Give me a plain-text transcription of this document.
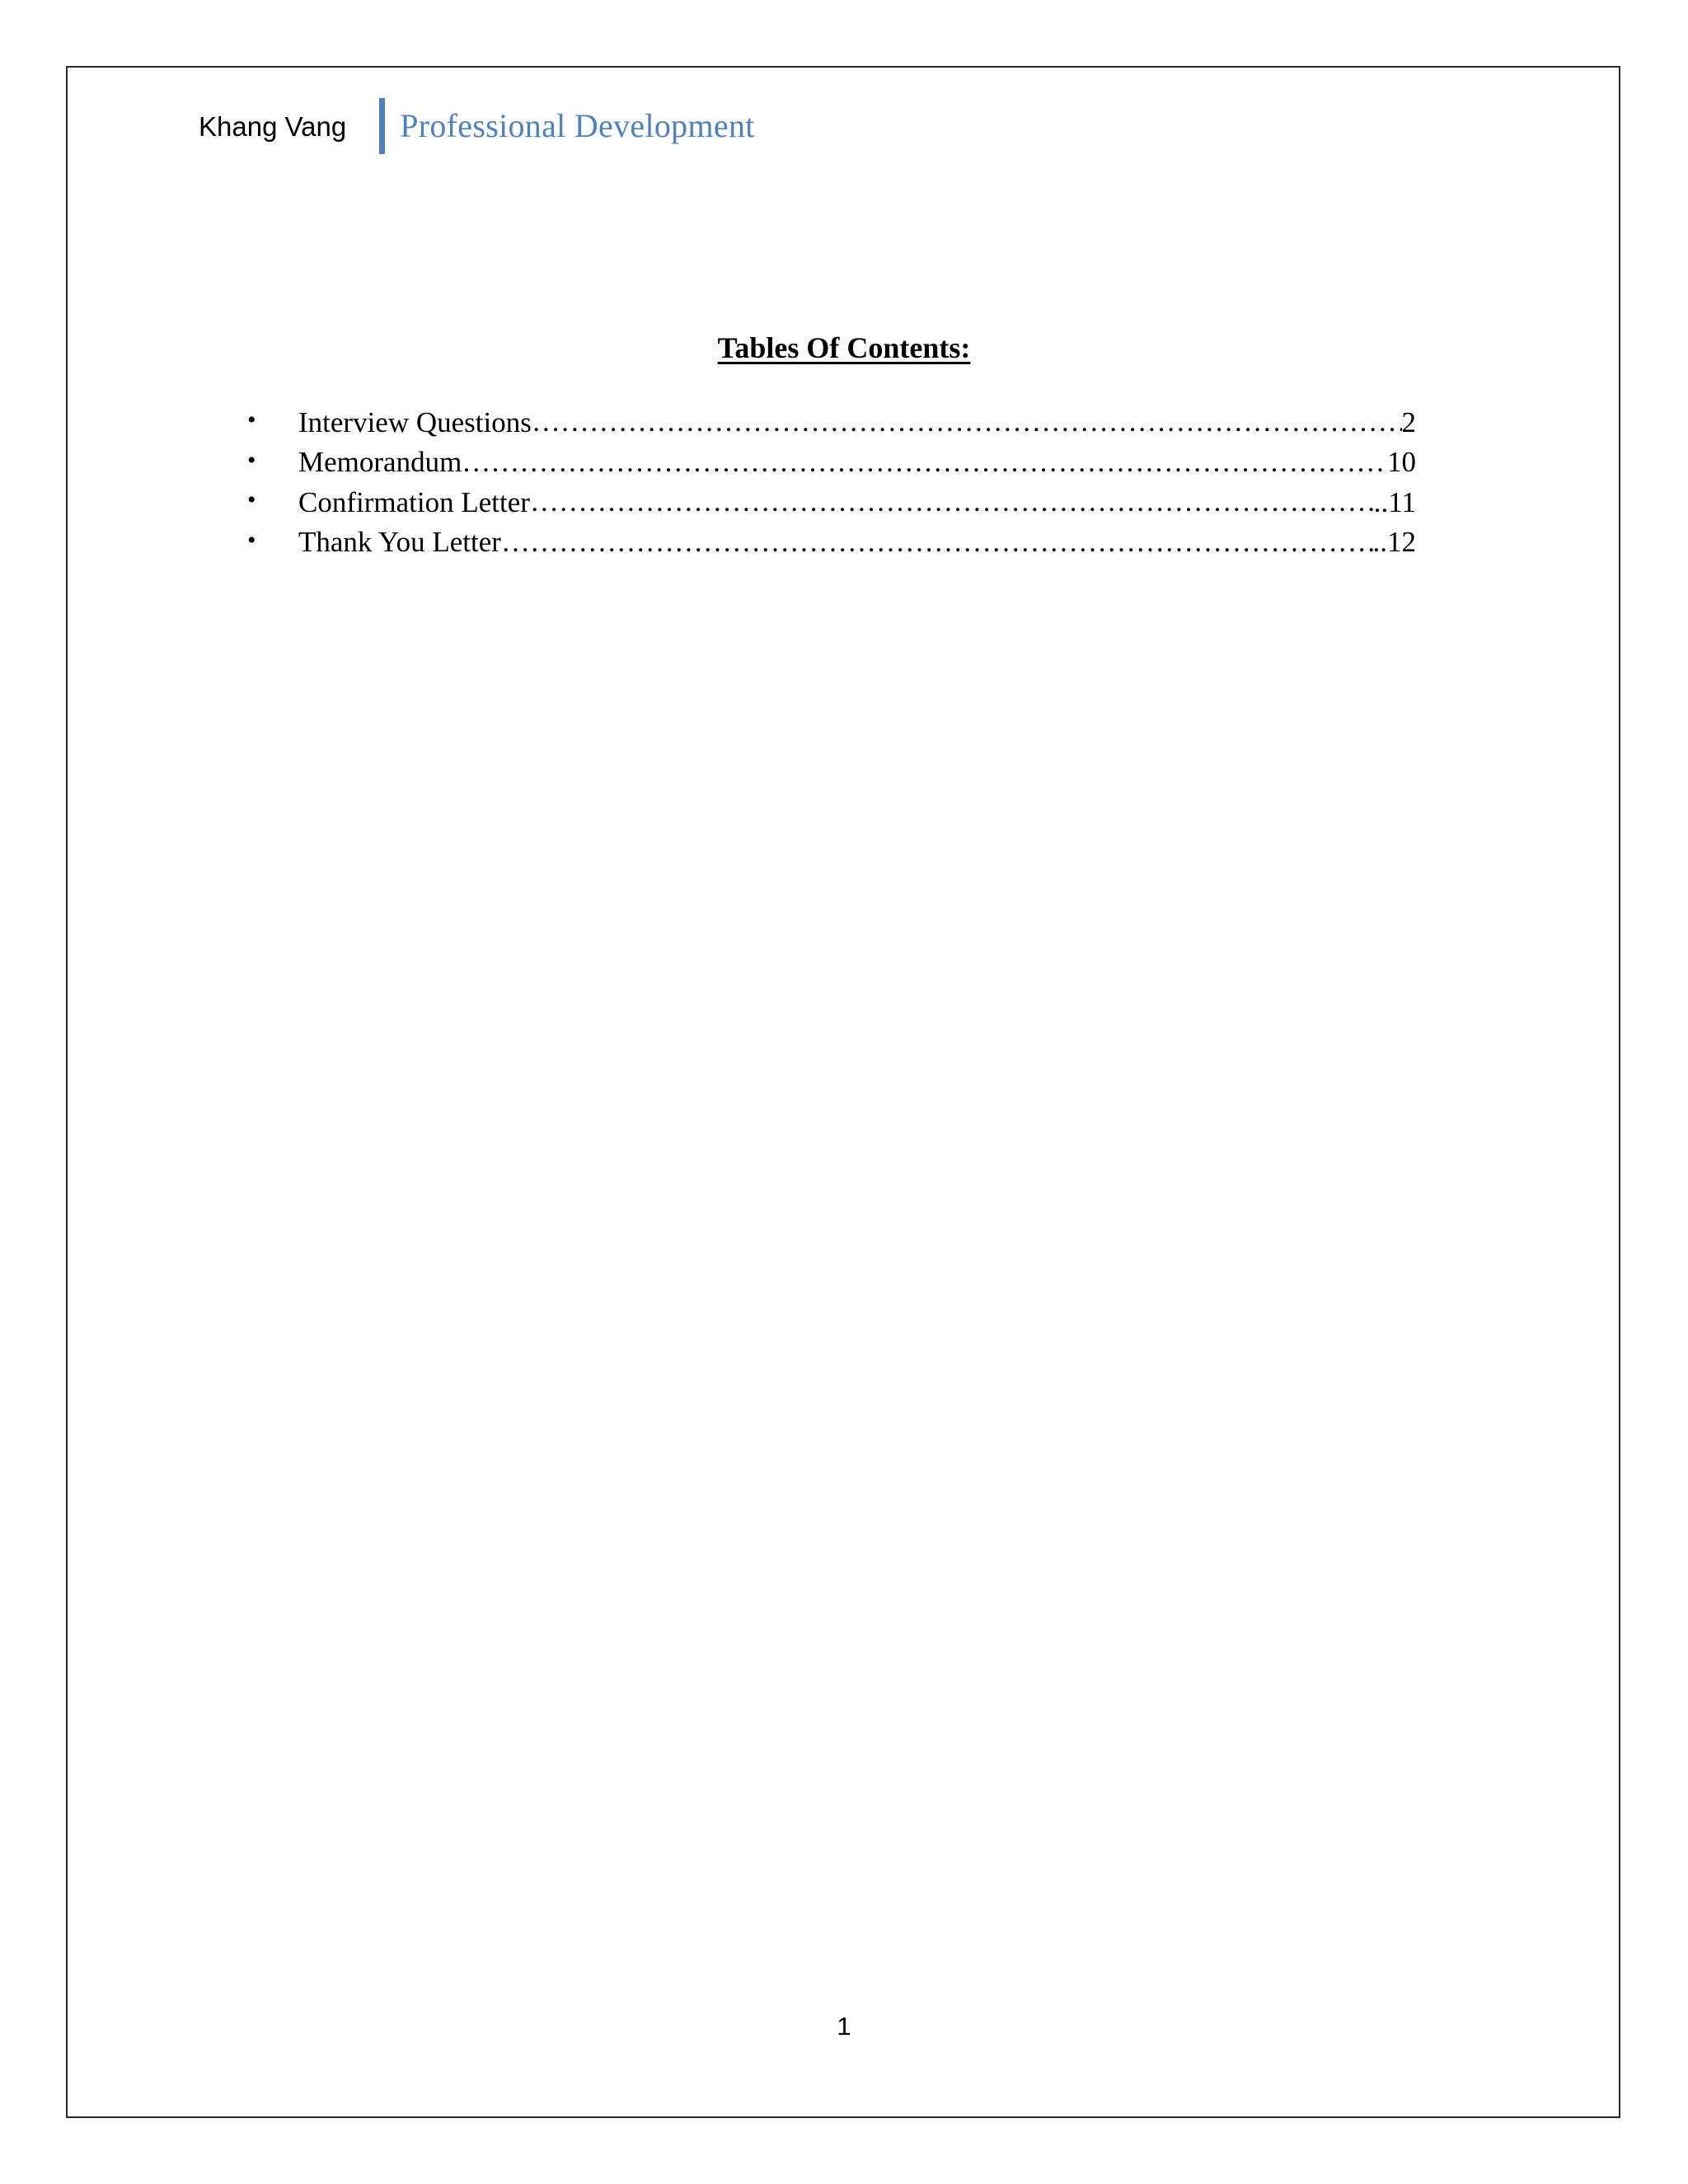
Khang Vang Professional Development
Tables Of Contents:
•	Interview Questions ……………………………………………………………………………………………………………………………………………………………………………………………………………………………………	2
•	Memorandum ……………………………………………………………………………………………………………………………………………………………………………………………………………………………………	10
•	Confirmation Letter ……………………………………………………………………………………………………………………………………………………………………………………………………………………………………	..11
•	Thank You Letter ……………………………………………………………………………………………………………………………………………………………………………………………………………………………………	..12
1
